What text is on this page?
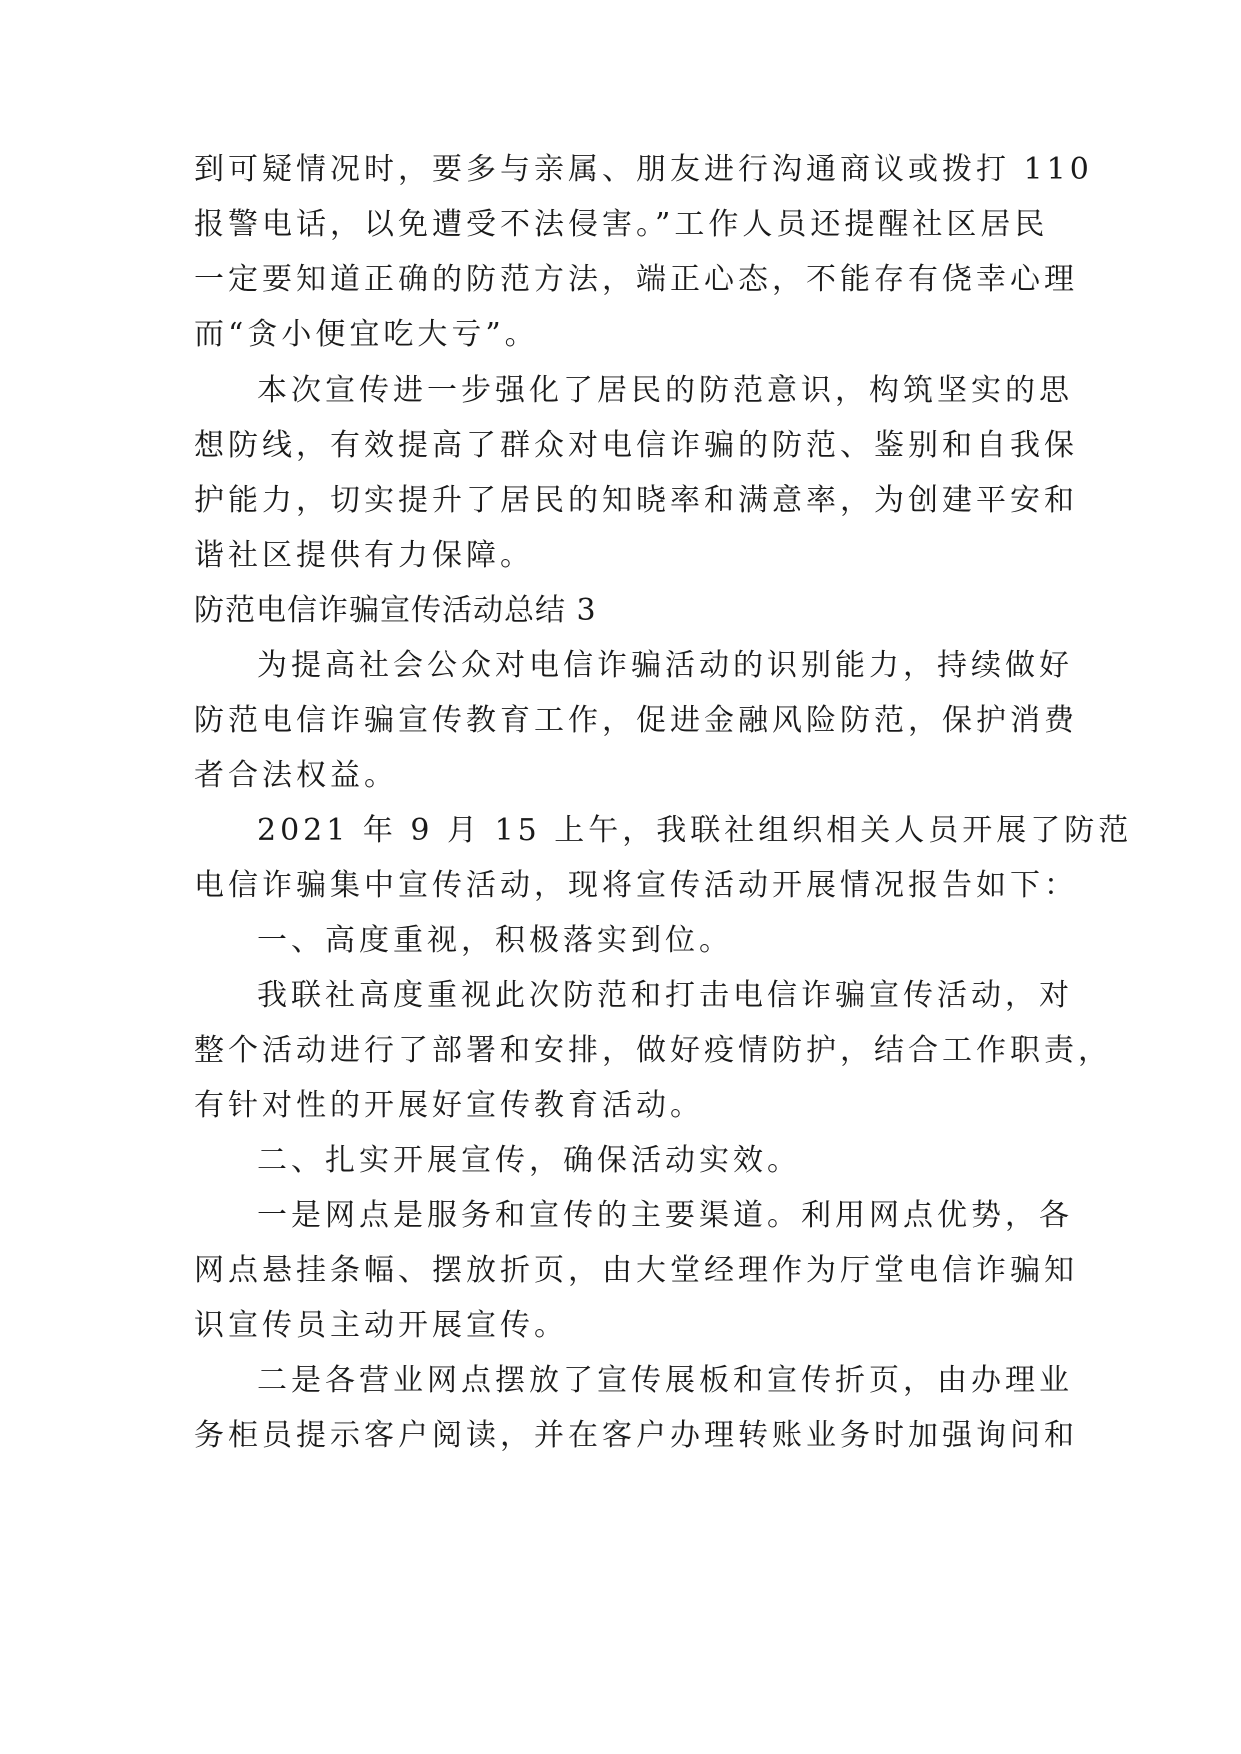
到可疑情况时，要多与亲属、朋友进行沟通商议或拨打 110
报警电话，以免遭受不法侵害。”工作人员还提醒社区居民
一定要知道正确的防范方法，端正心态，不能存有侥幸心理
而“贪小便宜吃大亏”。
本次宣传进一步强化了居民的防范意识，构筑坚实的思
想防线，有效提高了群众对电信诈骗的防范、鉴别和自我保
护能力，切实提升了居民的知晓率和满意率，为创建平安和
谐社区提供有力保障。
防范电信诈骗宣传活动总结 3
为提高社会公众对电信诈骗活动的识别能力，持续做好
防范电信诈骗宣传教育工作，促进金融风险防范，保护消费
者合法权益。
2021 年 9 月 15 上午，我联社组织相关人员开展了防范
电信诈骗集中宣传活动，现将宣传活动开展情况报告如下：
一、高度重视，积极落实到位。
我联社高度重视此次防范和打击电信诈骗宣传活动，对
整个活动进行了部署和安排，做好疫情防护，结合工作职责，
有针对性的开展好宣传教育活动。
二、扎实开展宣传，确保活动实效。
一是网点是服务和宣传的主要渠道。利用网点优势，各
网点悬挂条幅、摆放折页，由大堂经理作为厅堂电信诈骗知
识宣传员主动开展宣传。
二是各营业网点摆放了宣传展板和宣传折页，由办理业
务柜员提示客户阅读，并在客户办理转账业务时加强询问和
